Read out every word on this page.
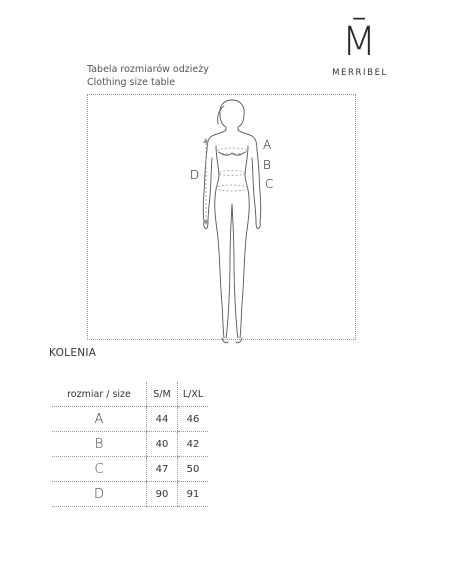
M̄
MERRIBEL
Tabela rozmiarów odzieży
Clothing size table
A
B
C
D
KOLENIA
rozmiar / size	S/M	L/XL
A	44	46
B	40	42
C	47	50
D	90	91
